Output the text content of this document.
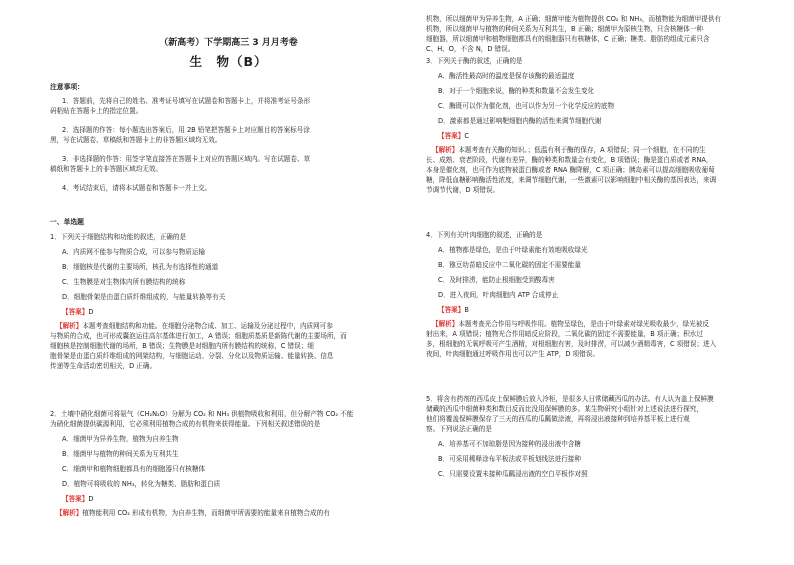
（新高考）下学期高三 3 月月考卷
生　物（B）
注意事项：
1．答题前，先将自己的姓名、准考证号填写在试题卷和答题卡上，并将准考证号条形
码粘贴在答题卡上的指定位置。
2．选择题的作答：每小题选出答案后，用 2B 铅笔把答题卡上对应题目的答案标号涂
黑，写在试题卷、草稿纸和答题卡上的非答题区域均无效。
3．非选择题的作答：用签字笔直接答在答题卡上对应的答题区域内。写在试题卷、草
稿纸和答题卡上的非答题区域均无效。
4．考试结束后，请将本试题卷和答题卡一并上交。
一、单选题
1．下列关于细胞结构和功能的叙述，正确的是
A．内质网不能参与物质合成，可以参与物质运输
B．细胞核是代谢的主要场所，核孔为有选择性的通道
C．生物膜是对生物体内所有膜结构的统称
D．细胞骨架是由蛋白质纤维组成的，与能量转换等有关
【答案】D
【解析】本题考查细胞结构和功能。在细胞分泌物合成、加工、运输及分泌过程中，内质网可参
与物质的合成，也可形成囊泡运往高尔基体进行加工，A 错误；细胞质基质是新陈代谢的主要场所，而
细胞核是控制细胞代谢的场所，B 错误；生物膜是对细胞内所有膜结构的统称，C 错误；细
胞骨架是由蛋白质纤维组成的网架结构，与细胞运动、分裂、分化以及物质运输、能量转换、信息
传递等生命活动密切相关，D 正确。
2．土壤中硝化细菌可将氨气（CH₂N₂O）分解为 CO₂ 和 NH₃ 供植物吸收和利用，但分解产物 CO₂ 不能
为硝化细菌提供碳源利用，它必须利用植物合成的有机物来获得能量。下列相关叙述错误的是
A．细菌甲为异养生物，植物为自养生物
B．细菌甲与植物的种间关系为互利共生
C．细菌甲和植物细胞都具有的细胞器只有核糖体
D．植物可将吸收的 NH₃，转化为糖类、脂肪和蛋白质
【答案】D
【解析】植物能利用 CO₂ 形成有机物，为自养生物，而细菌甲所需要的能量来自植物合成的有
机物，所以细菌甲为异养生物，A 正确；细菌甲能为植物提供 CO₂ 和 NH₃，而植物能为细菌甲提供有
机物，所以细菌甲与植物的种间关系为互利共生，B 正确；细菌甲为原核生物，只含核糖体一种
细胞器，所以细菌甲和植物细胞都具有的细胞器只有核糖体，C 正确；糖类、脂肪的组成元素只含
C、H、O，不含 N，D 错误。
3．下列关于酶的叙述，正确的是
A．酶活性最高时的温度是保存该酶的最适温度
B．对于一个细胞来说，酶的种类和数量不会发生变化
C．酶既可以作为催化剂，也可以作为另一个化学反应的底物
D．激素都是通过影响靶细胞内酶的活性来调节细胞代谢
【答案】C
【解析】本题考查有关酶的知识。；低温有利于酶的保存，A 项错误；同一个细胞，在不同的生
长、成熟、衰老阶段，代谢有差异，酶的种类和数量会有变化，B 项错误；酶是蛋白质或者 RNA，
本身是催化剂，也可作为底物被蛋白酶或者 RNA 酶降解，C 项正确；胰岛素可以提高细胞吸收葡萄
糖，降低血糖影响酶活性浓度，来调节细胞代谢，一些激素可以影响细胞中相关酶的基因表达，来调
节调节代谢，D 项错误。
4．下列有关叶肉细胞的叙述，正确的是
A．植物都是绿色，是由于叶绿素能有效地吸收绿光
B．猕豆幼苗暗反应中二氧化碳的固定不需要能量
C．及时排涝，能防止根细胞受到酸毒害
D．进入夜间，叶肉细胞内 ATP 合成停止
【答案】B
【解析】本题考查光合作用与呼吸作用。植物呈绿色，是由于叶绿素对绿光吸收最少，绿光被反
射出来，A 项错误；植物光合作用暗反应阶段，二氧化碳的固定不需要能量，B 项正确；积水过
多，根细胞的无氧呼吸可产生酒精，对根细胞有害，及时排涝，可以减少酒精毒害，C 项错误；进入
夜间，叶肉细胞通过呼吸作用也可以产生 ATP，D 项错误。
5．将含有药剂的西瓜皮上保鲜膜后放入冷柜，是很多人日常储藏西瓜的办法。有人认为盖上保鲜膜
储藏的西瓜中细菌种类和数目反而比没用保鲜膜的多。某生物研究小组针对上述说法进行探究，
他们将覆盖保鲜膜保存了三天的西瓜的瓜瓤做涂液，再将浸出液接种到培养基平板上进行观
察。下列说法正确的是
A．培养基可不加琼脂是因为接种的浸出液中含糖
B．可采用稀释涂布平板法或平板划线法进行接种
C．只需要设置未接种瓜瓤浸出液的空白平板作对照
